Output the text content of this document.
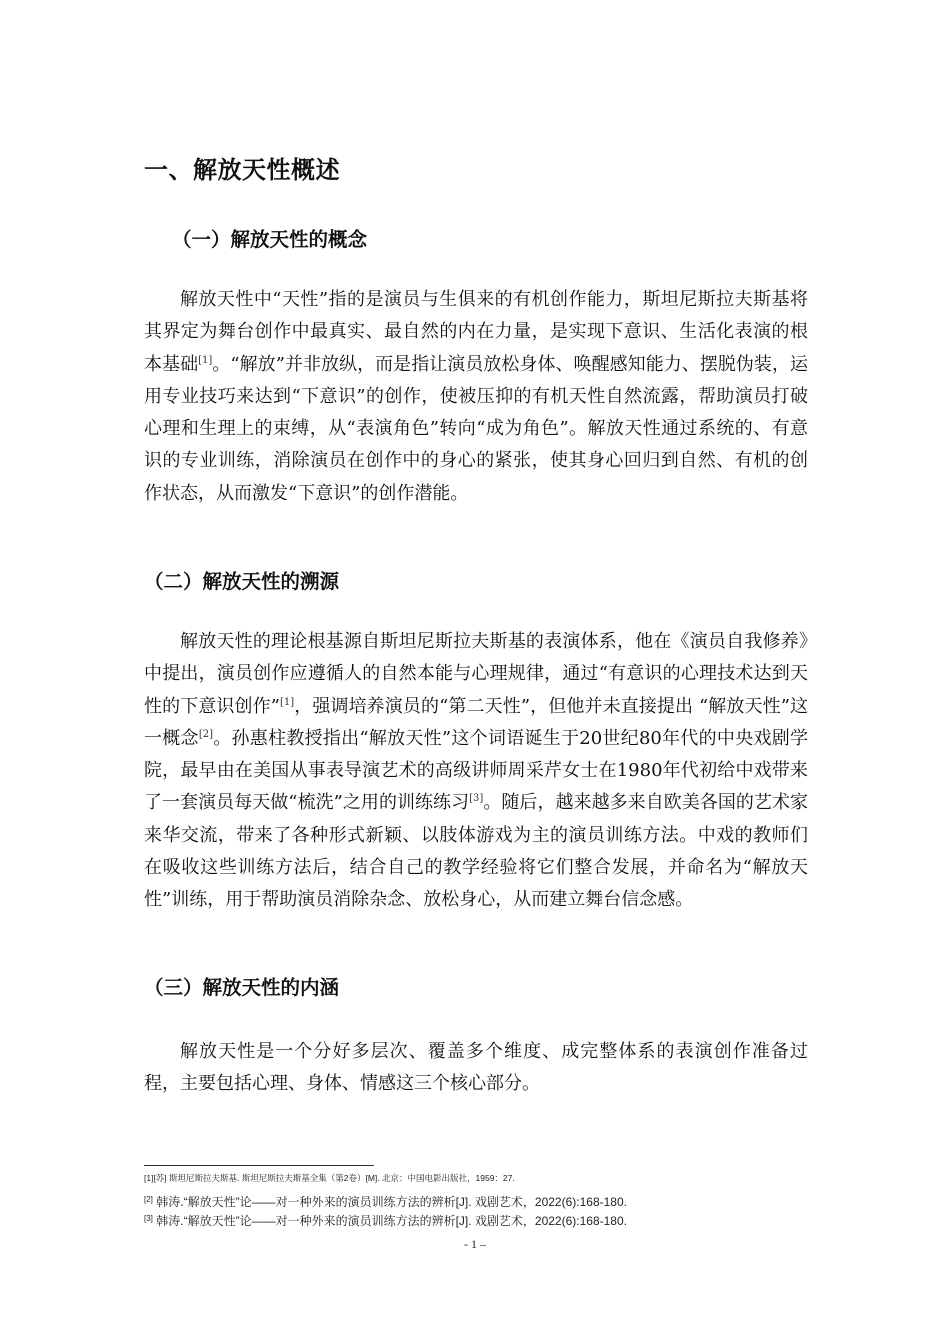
一、解放天性概述
（一）解放天性的概念

解放天性中“天性”指的是演员与生俱来的有机创作能力，斯坦尼斯拉夫斯基将其界定为舞台创作中最真实、最自然的内在力量，是实现下意识、生活化表演的根本基础[1]。“解放”并非放纵，而是指让演员放松身体、唤醒感知能力、摆脱伪装，运用专业技巧来达到“下意识”的创作，使被压抑的有机天性自然流露，帮助演员打破心理和生理上的束缚，从“表演角色”转向“成为角色”。解放天性通过系统的、有意识的专业训练，消除演员在创作中的身心的紧张，使其身心回归到自然、有机的创作状态，从而激发“下意识”的创作潜能。

（二）解放天性的溯源

解放天性的理论根基源自斯坦尼斯拉夫斯基的表演体系，他在《演员自我修养》中提出，演员创作应遵循人的自然本能与心理规律，通过“有意识的心理技术达到天性的下意识创作”[1]，强调培养演员的“第二天性”，但他并未直接提出 “解放天性”这一概念[2]。孙惠柱教授指出“解放天性”这个词语诞生于20世纪80年代的中央戏剧学院，最早由在美国从事表导演艺术的高级讲师周采芹女士在1980年代初给中戏带来了一套演员每天做“梳洗”之用的训练练习[3]。随后，越来越多来自欧美各国的艺术家来华交流，带来了各种形式新颖、以肢体游戏为主的演员训练方法。中戏的教师们在吸收这些训练方法后，结合自己的教学经验将它们整合发展，并命名为“解放天性”训练，用于帮助演员消除杂念、放松身心，从而建立舞台信念感。

（三）解放天性的内涵

解放天性是一个分好多层次、覆盖多个维度、成完整体系的表演创作准备过程，主要包括心理、身体、情感这三个核心部分。

[1][苏] 斯坦尼斯拉夫斯基. 斯坦尼斯拉夫斯基全集（第2卷）[M]. 北京：中国电影出版社，1959：27.
[2] 韩涛.“解放天性”论——对一种外来的演员训练方法的辨析[J]. 戏剧艺术，2022(6):168-180.
[3] 韩涛.“解放天性”论——对一种外来的演员训练方法的辨析[J]. 戏剧艺术，2022(6):168-180.
- 1 –
